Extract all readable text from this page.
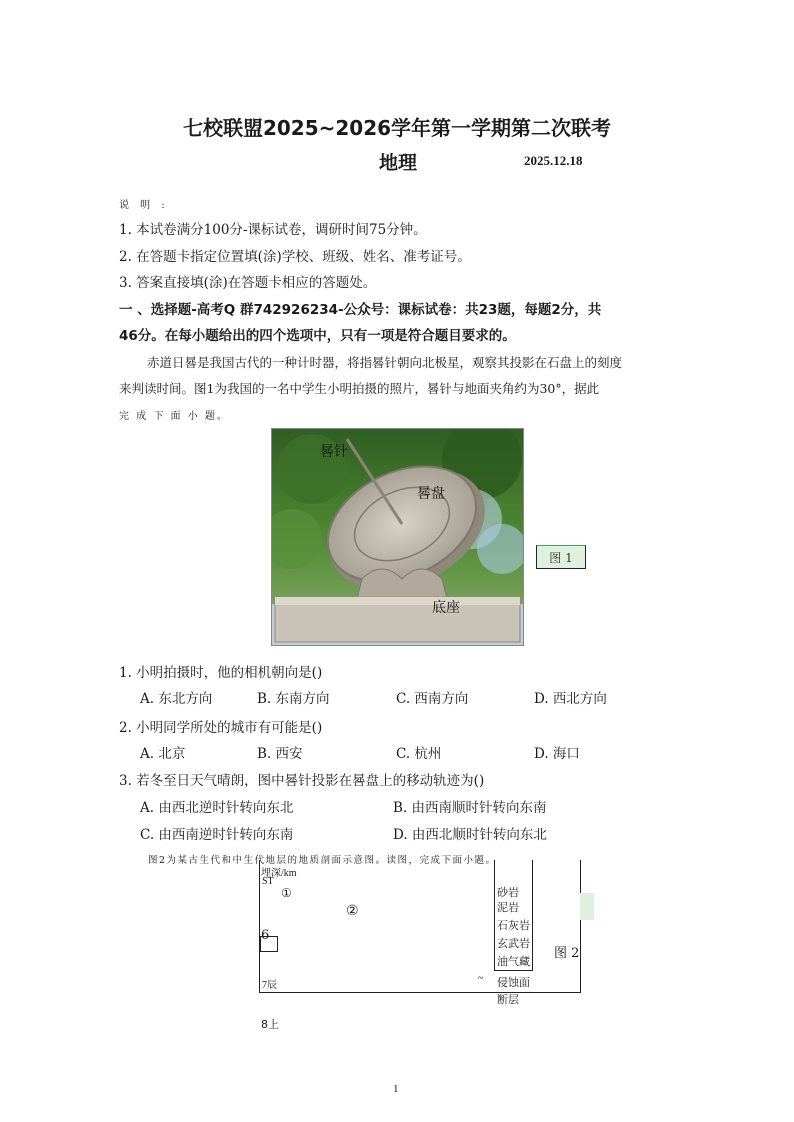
七校联盟2025~2026学年第一学期第二次联考
地理	2025.12.18
说 明 :
1. 本试卷满分100分-课标试卷，调研时间75分钟。
2. 在答题卡指定位置填(涂)学校、班级、姓名、准考证号。
3. 答案直接填(涂)在答题卡相应的答题处。
一 、选择题-高考Q 群742926234-公众号：课标试卷：共23题，每题2分，共
46分。在每小题给出的四个选项中，只有一项是符合题目要求的。
赤道日晷是我国古代的一种计时器，将指晷针朝向北极星，观察其投影在石盘上的刻度
来判读时间。图1为我国的一名中学生小明拍摄的照片，晷针与地面夹角约为30°，据此
完 成 下 面 小 题。
晷针
晷盘
底座
图 1
1. 小明拍摄时，他的相机朝向是()
A. 东北方向	B. 东南方向	C. 西南方向	D. 西北方向
2. 小明同学所处的城市有可能是()
A. 北京	B. 西安	C. 杭州	D. 海口
3. 若冬至日天气晴朗，图中晷针投影在晷盘上的移动轨迹为()
A. 由西北逆时针转向东北	B. 由西南顺时针转向东南
C. 由西南逆时针转向东南	D. 由西北顺时针转向东北
图2为某古生代和中生代地层的地质剖面示意图。读图，完成下面小题。
埋深/km
ST
①
②
6
7辰
~
8上
砂岩
泥岩
石灰岩
玄武岩
油气藏
侵蚀面
断层
图 2
1
